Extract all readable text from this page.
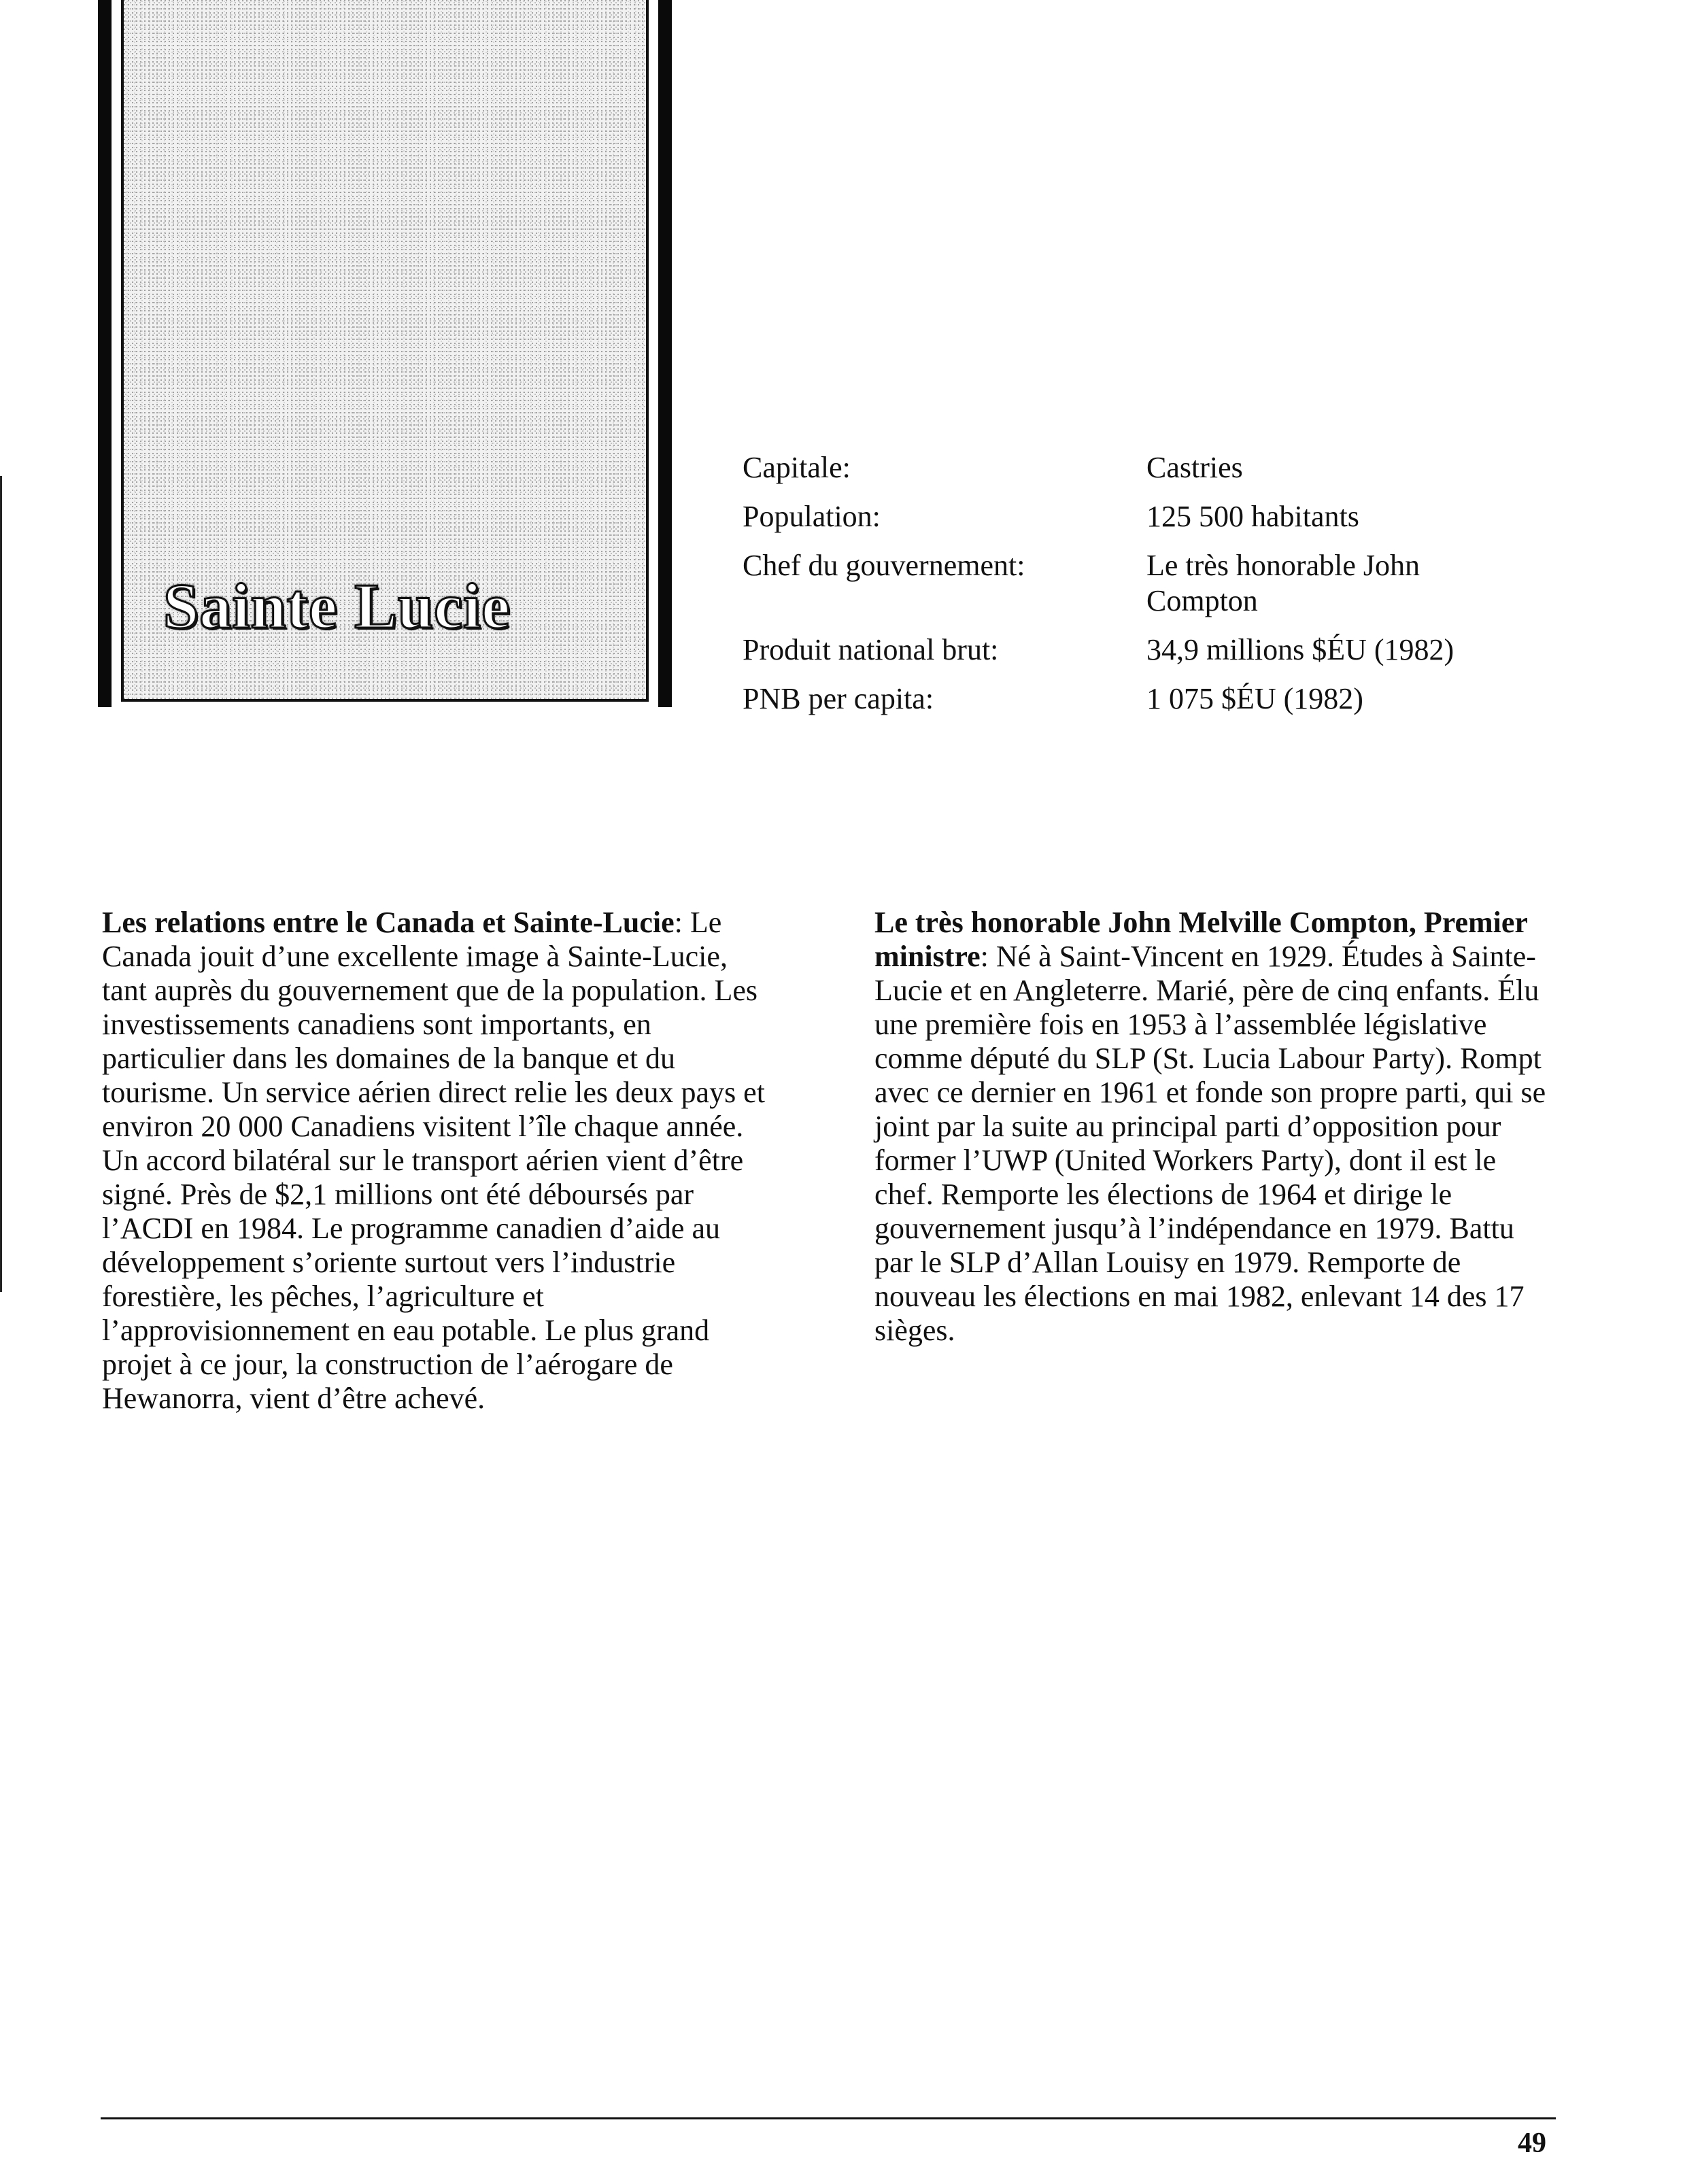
Sainte Lucie
Capitale:	Castries
Population:	125 500 habitants
Chef du gouvernement:	Le très honorable John Compton
Produit national brut:	34,9 millions $ÉU (1982)
PNB per capita:	1 075 $ÉU (1982)
Les relations entre le Canada et Sainte-Lucie: Le Canada jouit d’une excellente image à Sainte-Lucie, tant auprès du gouvernement que de la population. Les investissements canadiens sont importants, en particulier dans les domaines de la banque et du tourisme. Un service aérien direct relie les deux pays et environ 20 000 Canadiens visitent l’île chaque année. Un accord bilatéral sur le transport aérien vient d’être signé. Près de $2,1 millions ont été déboursés par l’ACDI en 1984. Le programme canadien d’aide au développement s’oriente surtout vers l’industrie forestière, les pêches, l’agriculture et l’approvisionnement en eau potable. Le plus grand projet à ce jour, la construction de l’aérogare de Hewanorra, vient d’être achevé.
Le très honorable John Melville Compton, Premier ministre: Né à Saint-Vincent en 1929. Études à Sainte-Lucie et en Angleterre. Marié, père de cinq enfants. Élu une première fois en 1953 à l’assemblée législative comme député du SLP (St. Lucia Labour Party). Rompt avec ce dernier en 1961 et fonde son propre parti, qui se joint par la suite au principal parti d’opposition pour former l’UWP (United Workers Party), dont il est le chef. Remporte les élections de 1964 et dirige le gouvernement jusqu’à l’indépendance en 1979. Battu par le SLP d’Allan Louisy en 1979. Remporte de nouveau les élections en mai 1982, enlevant 14 des 17 sièges.
49
